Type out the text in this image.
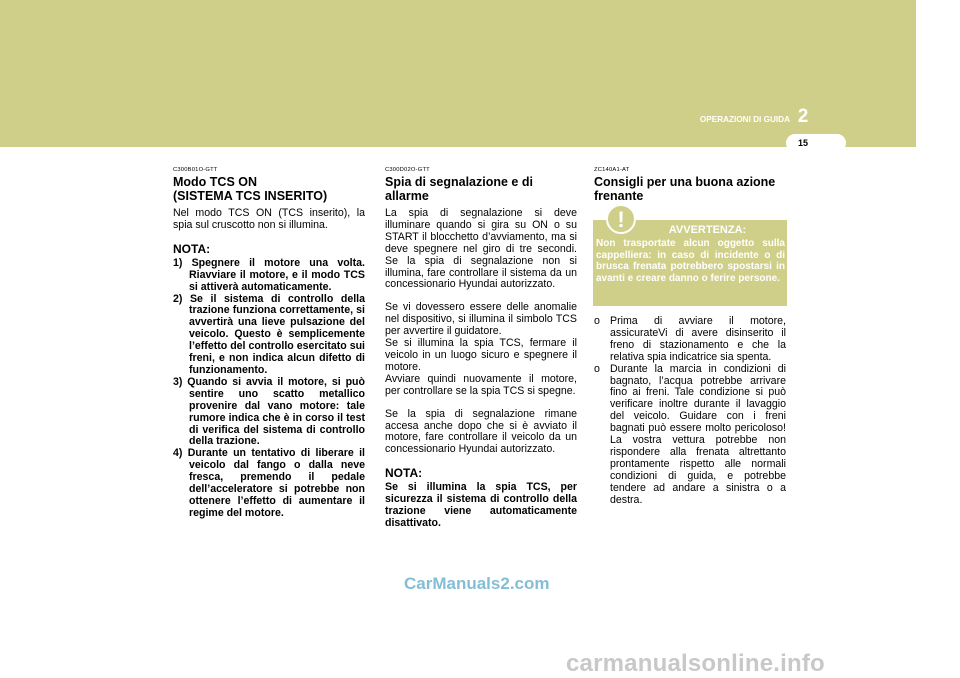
OPERAZIONI DI GUIDA 2
15
C300B01O-GTT
Modo TCS ON
(SISTEMA TCS INSERITO)

Nel modo TCS ON (TCS inserito), la spia sul cruscotto non si illumina.

NOTA:
1) Spegnere il motore una volta. Riavviare il motore, e il modo TCS si attiverà automaticamente.
2) Se il sistema di controllo della trazione funziona correttamente, si avvertirà una lieve pulsazione del veicolo. Questo è semplicemente l’effetto del controllo esercitato sui freni, e non indica alcun difetto di funzionamento.
3) Quando si avvia il motore, si può sentire uno scatto metallico provenire dal vano motore: tale rumore indica che è in corso il test di verifica del sistema di controllo della trazione.
4) Durante un tentativo di liberare il veicolo dal fango o dalla neve fresca, premendo il pedale dell’acceleratore si potrebbe non ottenere l’effetto di aumentare il regime del motore.
C300D02O-GTT
Spia di segnalazione e di allarme

La spia di segnalazione si deve illuminare quando si gira su ON o su START il blocchetto d’avviamento, ma si deve spegnere nel giro di tre secondi. Se la spia di segnalazione non si illumina, fare controllare il sistema da un concessionario Hyundai autorizzato.

Se vi dovessero essere delle anomalie nel dispositivo, si illumina il simbolo TCS per avvertire il guidatore.

Se si illumina la spia TCS, fermare il veicolo in un luogo sicuro e spegnere il motore.

Avviare quindi nuovamente il motore, per controllare se la spia TCS si spegne.

Se la spia di segnalazione rimane accesa anche dopo che si è avviato il motore, fare controllare il veicolo da un concessionario Hyundai autorizzato.

NOTA:

Se si illumina la spia TCS, per sicurezza il sistema di controllo della trazione viene automaticamente disattivato.

ZC140A1-AT
Consigli per una buona azione frenante
AVVERTENZA:
Non trasportate alcun oggetto sulla cappelliera: in caso di incidente o di brusca frenata potrebbero spostarsi in avanti e creare danno o ferire persone.
!
o Prima di avviare il motore, assicurateVi di avere disinserito il freno di stazionamento e che la relativa spia indicatrice sia spenta.
o Durante la marcia in condizioni di bagnato, l’acqua potrebbe arrivare fino ai freni. Tale condizione si può verificare inoltre durante il lavaggio del veicolo. Guidare con i freni bagnati può essere molto pericoloso! La vostra vettura potrebbe non rispondere alla frenata altrettanto prontamente rispetto alle normali condizioni di guida, e potrebbe tendere ad andare a sinistra o a destra.
CarManuals2.com
carmanualsonline.info
